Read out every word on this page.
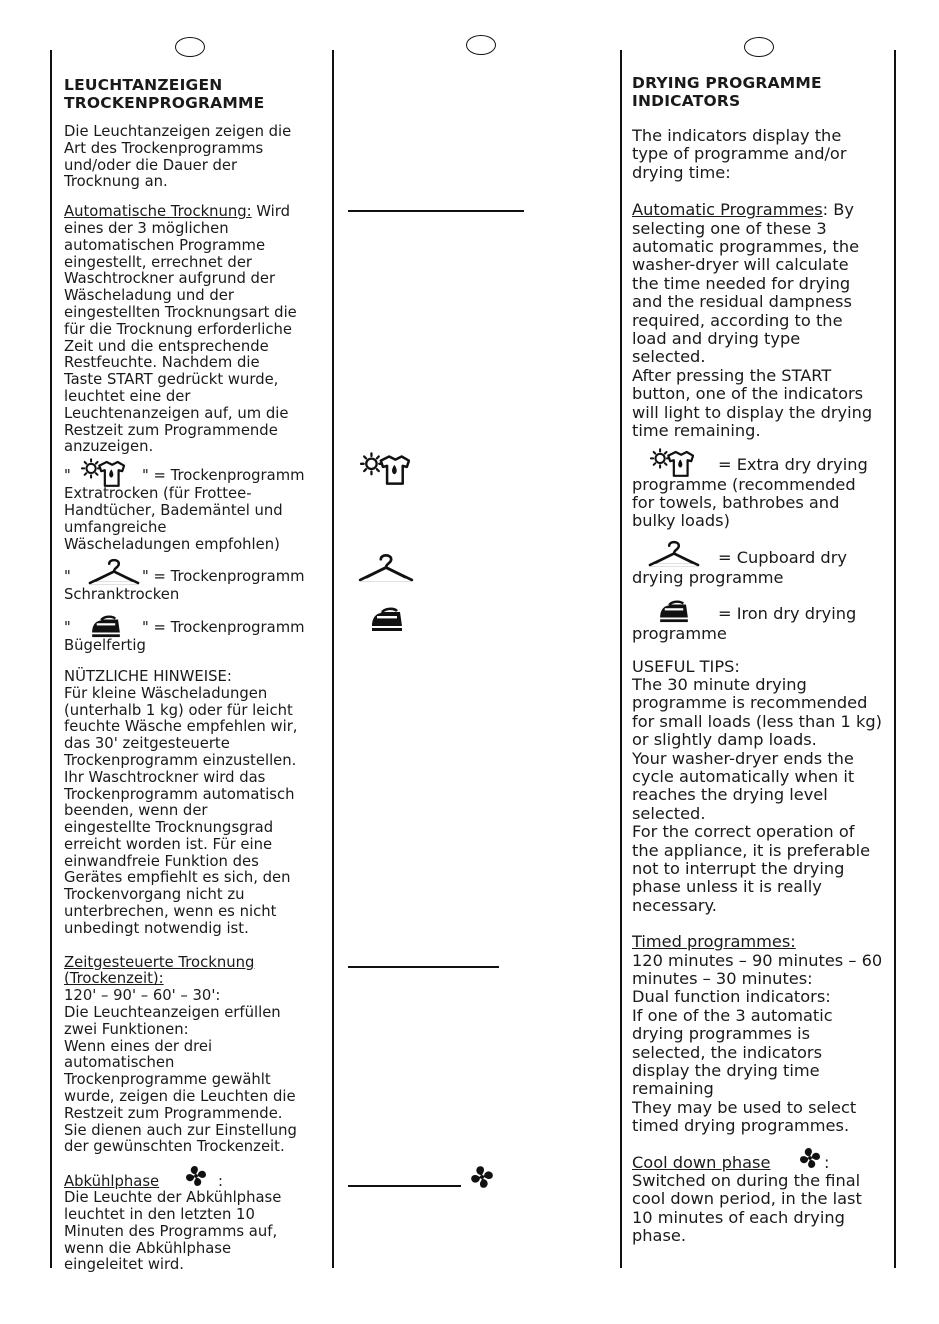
LEUCHTANZEIGEN

TROCKENPROGRAMME

Die Leuchtanzeigen zeigen die
Art des Trockenprogramms
und/oder die Dauer der
Trocknung an.

Automatische Trocknung: Wird

eines der 3 möglichen
automatischen Programme
eingestellt, errechnet der
Waschtrockner aufgrund der
Wäscheladung und der
eingestellten Trocknungsart die
für die Trocknung erforderliche
Zeit und die entsprechende
Restfeuchte. Nachdem die
Taste START gedrückt wurde,
leuchtet eine der
Leuchtenanzeigen auf, um die
Restzeit zum Programmende
anzuzeigen.

"	" = Trockenprogramm

Extratrocken (für Frottee-
Handtücher, Bademäntel und
umfangreiche
Wäscheladungen empfohlen)

"	" = Trockenprogramm

Schranktrocken

"	" = Trockenprogramm

Bügelfertig

NÜTZLICHE HINWEISE:
Für kleine Wäscheladungen
(unterhalb 1 kg) oder für leicht
feuchte Wäsche empfehlen wir,
das 30' zeitgesteuerte
Trockenprogramm einzustellen.
Ihr Waschtrockner wird das
Trockenprogramm automatisch
beenden, wenn der
eingestellte Trocknungsgrad
erreicht worden ist. Für eine
einwandfreie Funktion des
Gerätes empfiehlt es sich, den
Trockenvorgang nicht zu
unterbrechen, wenn es nicht
unbedingt notwendig ist.

Zeitgesteuerte Trocknung
(Trockenzeit):

120' – 90' – 60' – 30':
Die Leuchteanzeigen erfüllen
zwei Funktionen:
Wenn eines der drei
automatischen
Trockenprogramme gewählt
wurde, zeigen die Leuchten die
Restzeit zum Programmende.
Sie dienen auch zur Einstellung
der gewünschten Trockenzeit.

Abkühlphase	:

Die Leuchte der Abkühlphase
leuchtet in den letzten 10
Minuten des Programms auf,
wenn die Abkühlphase
eingeleitet wird.

DRYING PROGRAMME

INDICATORS

The indicators display the
type of programme and/or
drying time:

Automatic Programmes: By

selecting one of these 3
automatic programmes, the
washer-dryer will calculate
the time needed for drying
and the residual dampness
required, according to the
load and drying type
selected.
After pressing the START
button, one of the indicators
will light to display the drying
time remaining.

= Extra dry drying

programme (recommended
for towels, bathrobes and
bulky loads)

= Cupboard dry

drying programme

= Iron dry drying

programme

USEFUL TIPS:
The 30 minute drying
programme is recommended
for small loads (less than 1 kg)
or slightly damp loads.
Your washer-dryer ends the
cycle automatically when it
reaches the drying level
selected.
For the correct operation of
the appliance, it is preferable
not to interrupt the drying
phase unless it is really
necessary.

Timed programmes:

120 minutes – 90 minutes – 60
minutes – 30 minutes:
Dual function indicators:
If one of the 3 automatic
drying programmes is
selected, the indicators
display the drying time
remaining
They may be used to select
timed drying programmes.

Cool down phase	:

Switched on during the final
cool down period, in the last
10 minutes of each drying
phase.
